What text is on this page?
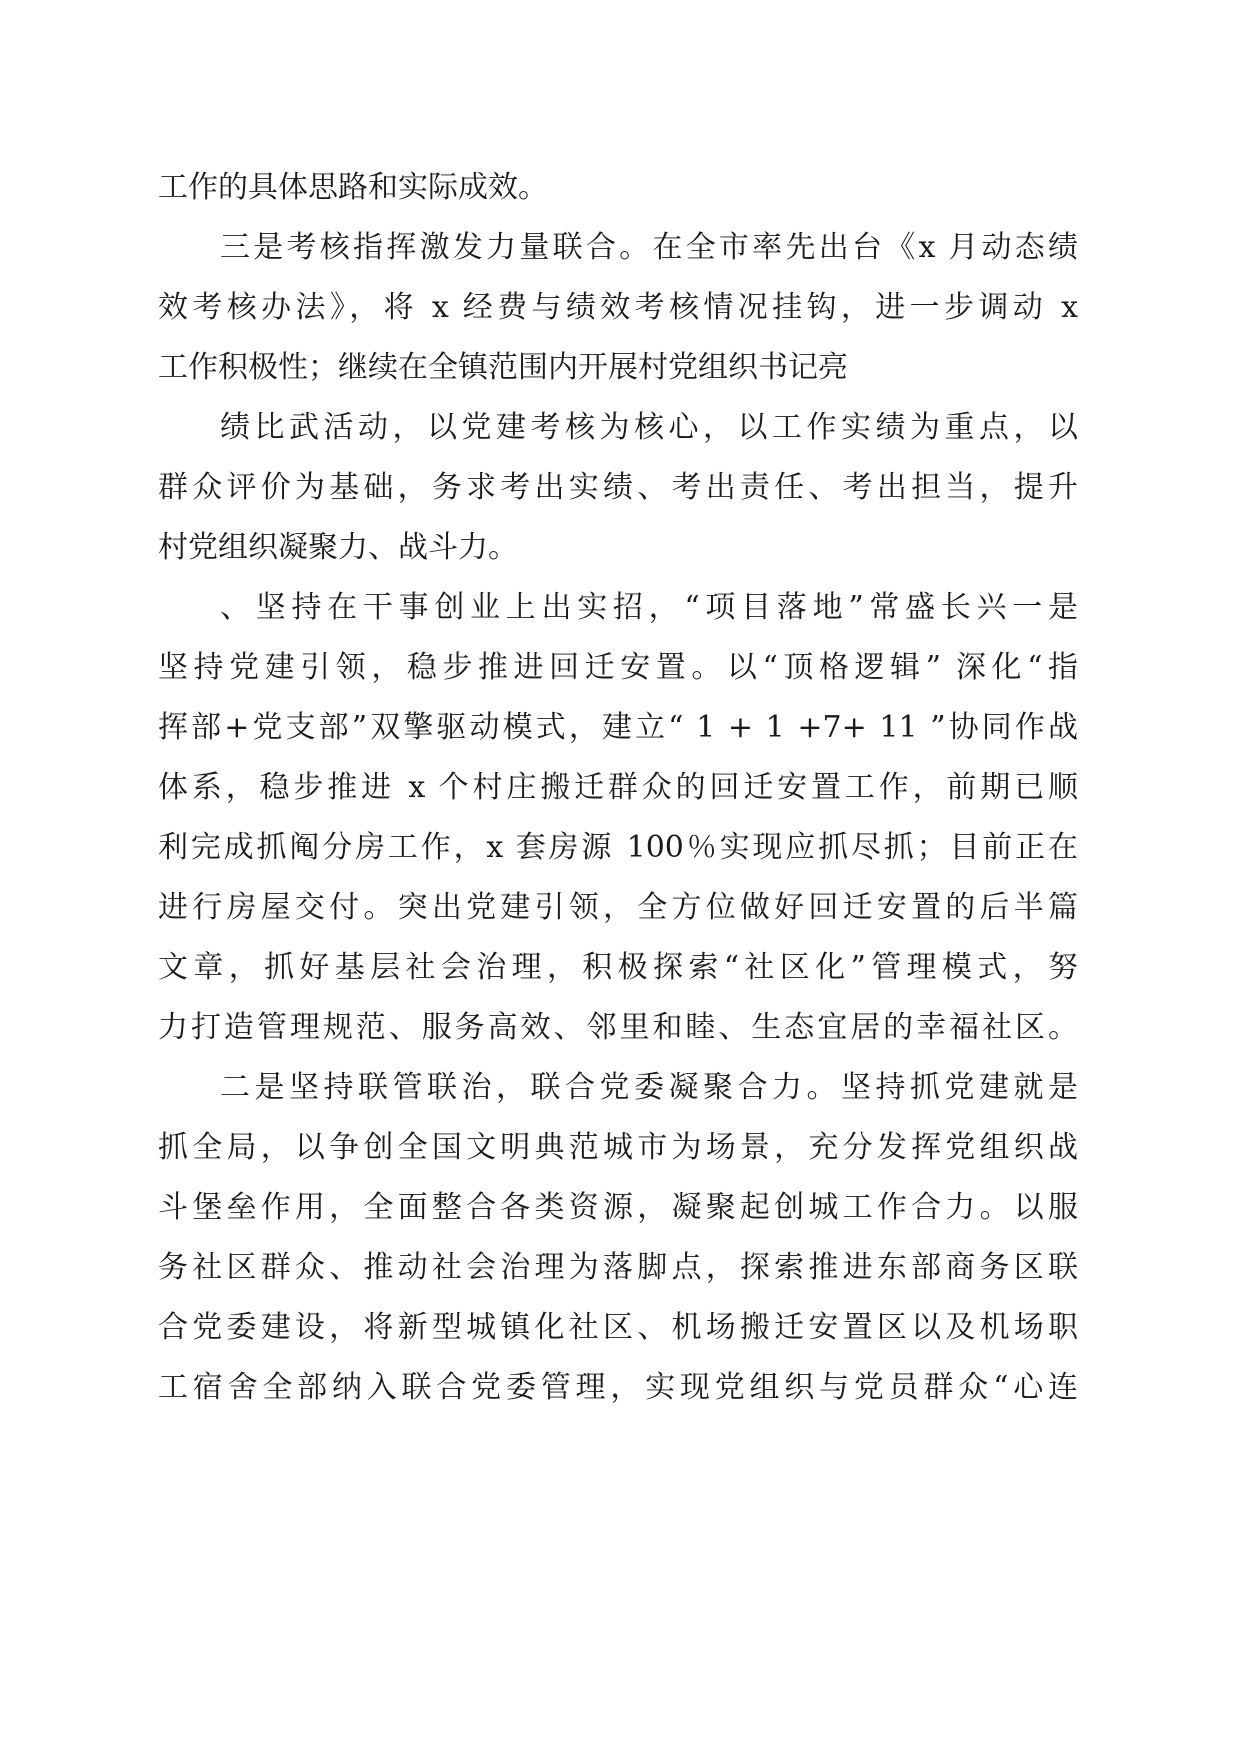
工作的具体思路和实际成效。
三是考核指挥激发力量联合。在全市率先出台《x 月动态绩
效考核办法》，将 x 经费与绩效考核情况挂钩，进一步调动 x
工作积极性；继续在全镇范围内开展村党组织书记亮
绩比武活动，以党建考核为核心，以工作实绩为重点，以
群众评价为基础，务求考出实绩、考出责任、考出担当，提升
村党组织凝聚力、战斗力。
、坚持在干事创业上出实招，“项目落地”常盛长兴一是
坚持党建引领，稳步推进回迁安置。以“顶格逻辑” 深化“指
挥部+党支部”双擎驱动模式，建立“ 1 + 1 +7+ 11 ”协同作战
体系，稳步推进 x 个村庄搬迁群众的回迁安置工作，前期已顺
利完成抓阄分房工作，x 套房源 100％实现应抓尽抓；目前正在
进行房屋交付。突出党建引领，全方位做好回迁安置的后半篇
文章，抓好基层社会治理，积极探索“社区化”管理模式，努
力打造管理规范、服务高效、邻里和睦、生态宜居的幸福社区。
二是坚持联管联治，联合党委凝聚合力。坚持抓党建就是
抓全局，以争创全国文明典范城市为场景，充分发挥党组织战
斗堡垒作用，全面整合各类资源，凝聚起创城工作合力。以服
务社区群众、推动社会治理为落脚点，探索推进东部商务区联
合党委建设，将新型城镇化社区、机场搬迁安置区以及机场职
工宿舍全部纳入联合党委管理，实现党组织与党员群众“心连
